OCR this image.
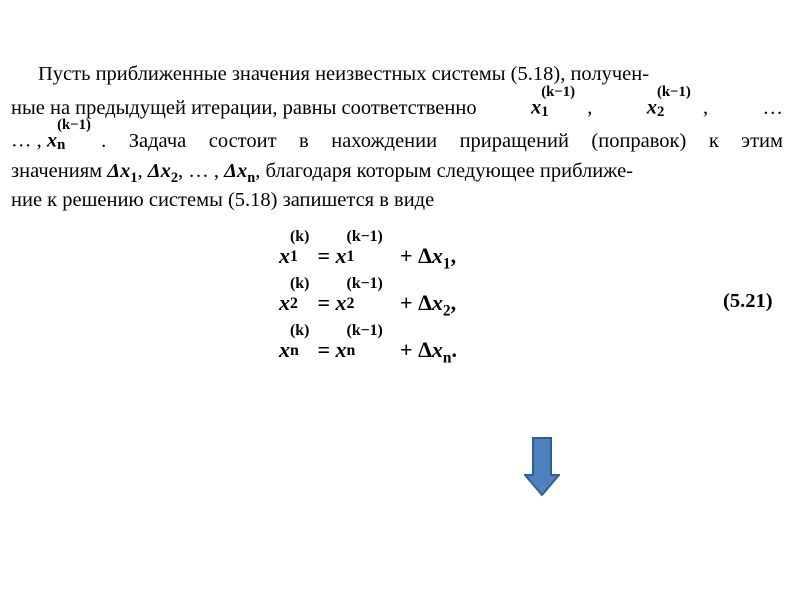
Пусть приближенные значения неизвестных системы (5.18), получен-
ные на предыдущей итерации, равны соответственно	x
(k−1)
1 ,	x
(k−1)
2 ,	…
… , x
(k−1)
n . Задача состоит в нахождении приращений (поправок) к этим
значениям $\Delta x_1$, $\Delta x_2$, … , $\Delta x_n$, благодаря которым следующее приближе-
ние к решению системы (5.18) запишется в виде
x
(k)
1 = x
(k−1)
$1 + \Delta x_1$,
x
(k)
2 = x
(k−1)
$2 + \Delta x_2$,
x
(k)
n = x
(k−1)
$n + \Delta x_n$.
(5.21)
